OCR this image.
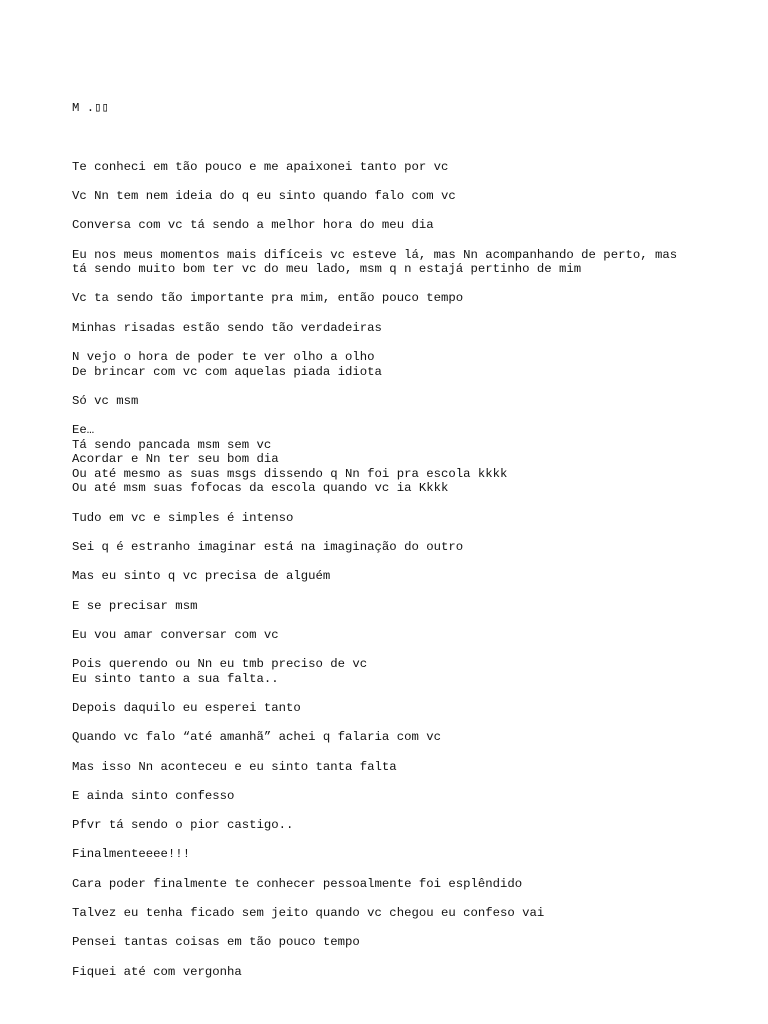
M .▯▯

Te conheci em tão pouco e me apaixonei tanto por vc
Vc Nn tem nem ideia do q eu sinto quando falo com vc
Conversa com vc tá sendo a melhor hora do meu dia
Eu nos meus momentos mais difíceis vc esteve lá, mas Nn acompanhando de perto, mas
tá sendo muito bom ter vc do meu lado, msm q n estajá pertinho de mim
Vc ta sendo tão importante pra mim, então pouco tempo
Minhas risadas estão sendo tão verdadeiras
N vejo o hora de poder te ver olho a olho
De brincar com vc com aquelas piada idiota
Só vc msm
Ee…
Tá sendo pancada msm sem vc
Acordar e Nn ter seu bom dia
Ou até mesmo as suas msgs dissendo q Nn foi pra escola kkkk
Ou até msm suas fofocas da escola quando vc ia Kkkk
Tudo em vc e simples é intenso
Sei q é estranho imaginar está na imaginação do outro
Mas eu sinto q vc precisa de alguém
E se precisar msm
Eu vou amar conversar com vc
Pois querendo ou Nn eu tmb preciso de vc
Eu sinto tanto a sua falta..
Depois daquilo eu esperei tanto
Quando vc falo “até amanhã” achei q falaria com vc
Mas isso Nn aconteceu e eu sinto tanta falta
E ainda sinto confesso
Pfvr tá sendo o pior castigo..
Finalmenteeee!!!
Cara poder finalmente te conhecer pessoalmente foi esplêndido
Talvez eu tenha ficado sem jeito quando vc chegou eu confeso vai
Pensei tantas coisas em tão pouco tempo
Fiquei até com vergonha
